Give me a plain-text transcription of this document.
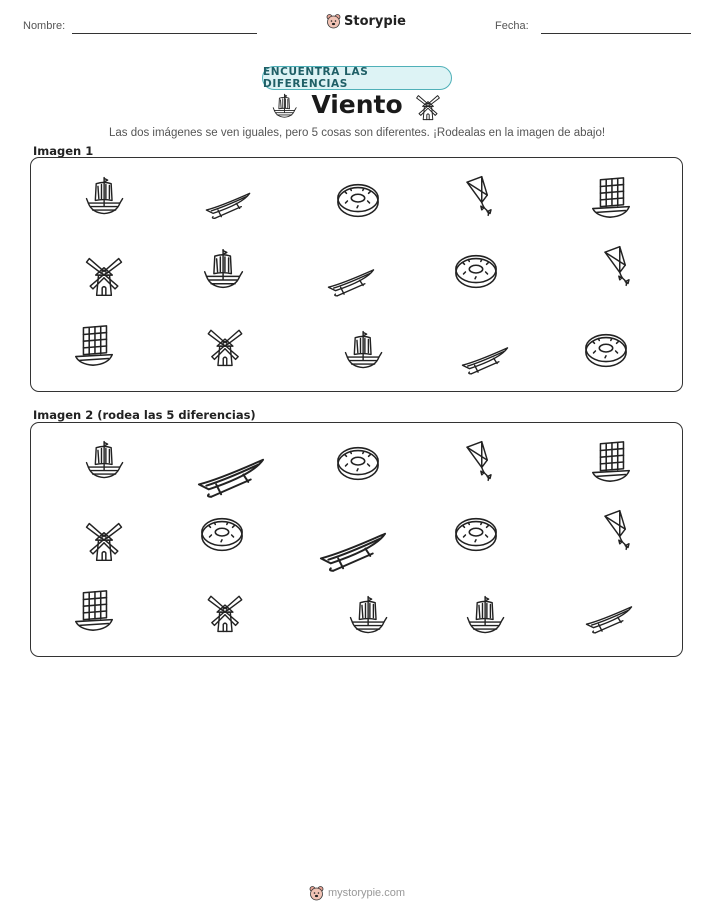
Nombre:	Storypie	Fecha:
ENCUENTRA LAS DIFERENCIAS
Viento
Las dos imágenes se ven iguales, pero 5 cosas son diferentes. ¡Rodealas en la imagen de abajo!
Imagen 1
Imagen 2 (rodea las 5 diferencias)
mystorypie.com
